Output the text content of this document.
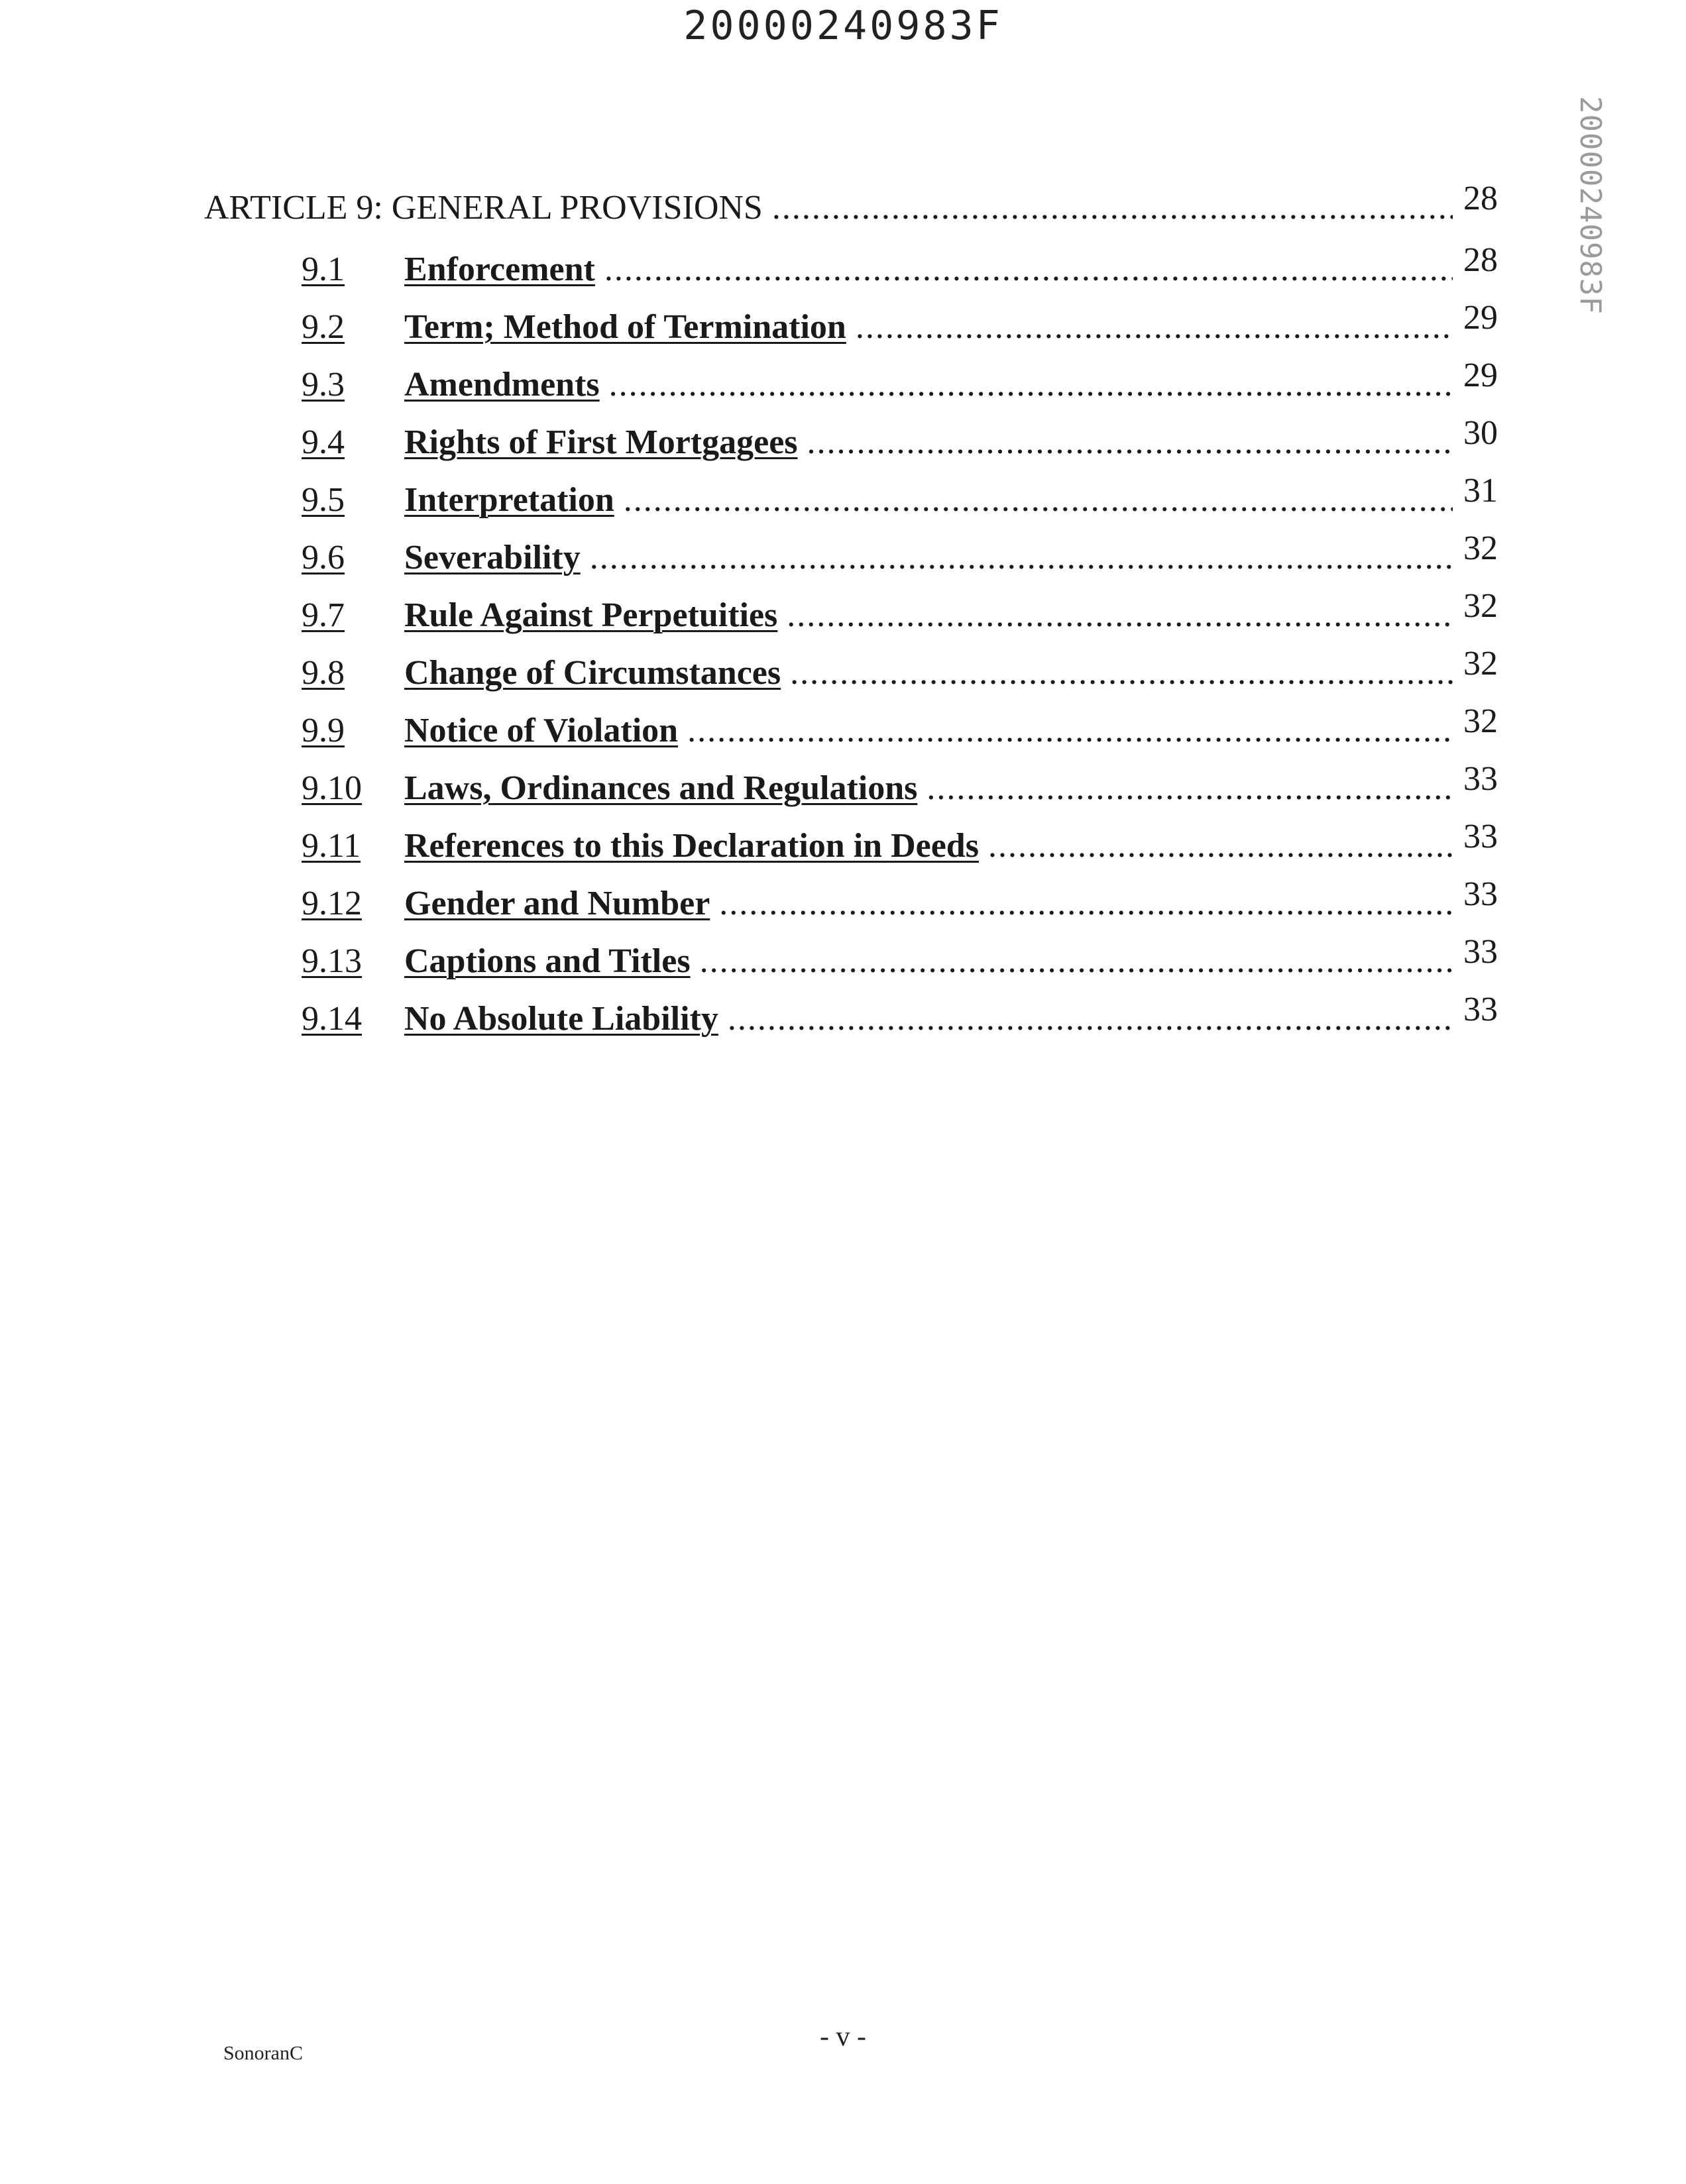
20000240983F
20000240983F
ARTICLE 9: GENERAL PROVISIONS .....	28
9.1	Enforcement .....	28
9.2	Term; Method of Termination .....	29
9.3	Amendments .....	29
9.4	Rights of First Mortgagees .....	30
9.5	Interpretation .....	31
9.6	Severability .....	32
9.7	Rule Against Perpetuities .....	32
9.8	Change of Circumstances .....	32
9.9	Notice of Violation .....	32
9.10	Laws, Ordinances and Regulations .....	33
9.11	References to this Declaration in Deeds .....	33
9.12	Gender and Number .....	33
9.13	Captions and Titles .....	33
9.14	No Absolute Liability .....	33
SonoranC
- v -
